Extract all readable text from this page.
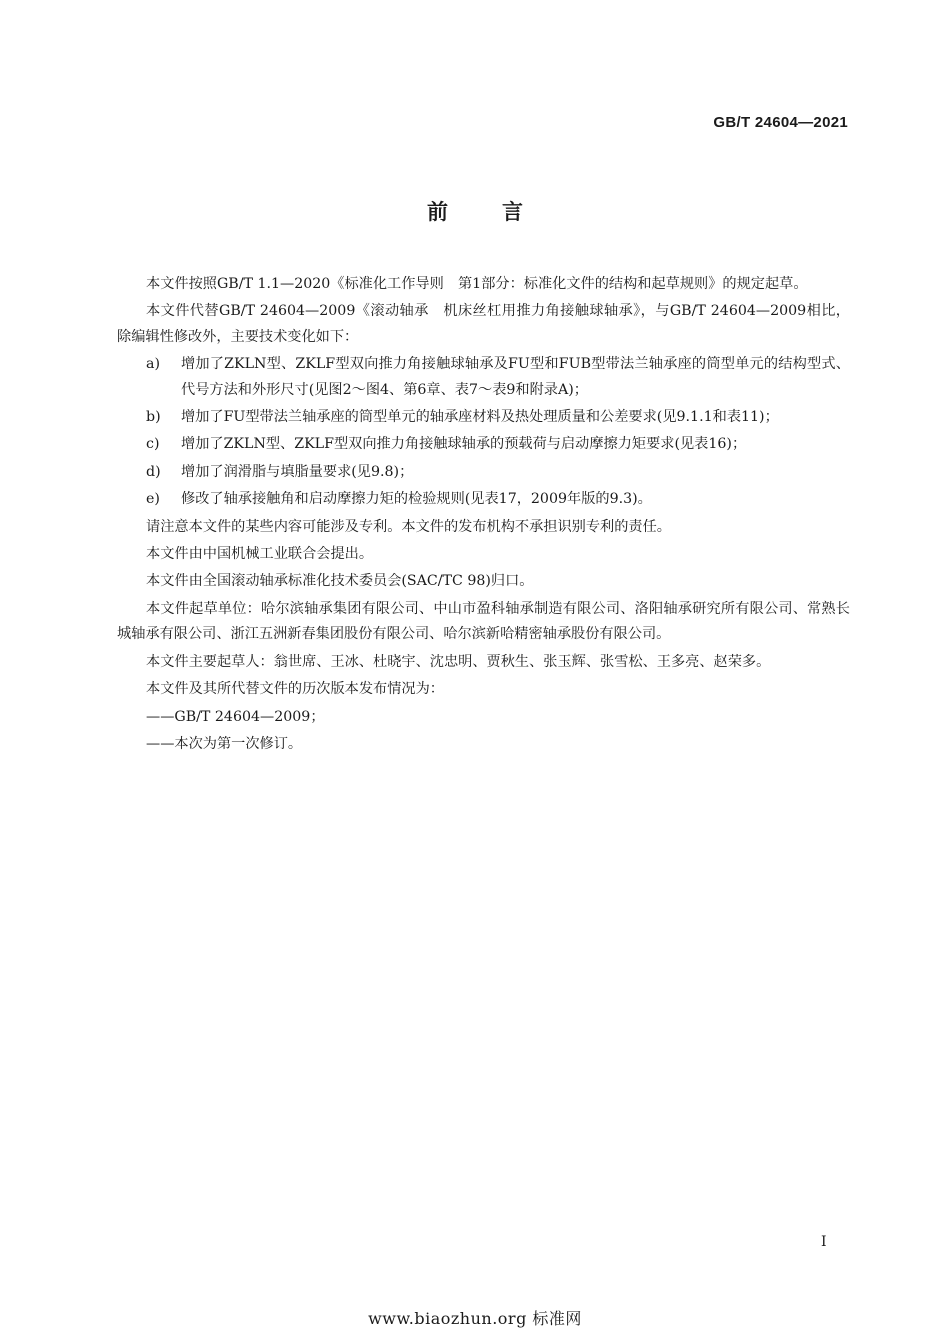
GB/T 24604—2021
前言
本文件按照GB/T 1.1—2020《标准化工作导则　第1部分：标准化文件的结构和起草规则》的规定起草。
本文件代替GB/T 24604—2009《滚动轴承　机床丝杠用推力角接触球轴承》，与GB/T 24604—2009相比，除编辑性修改外，主要技术变化如下：
a)	增加了ZKLN型、ZKLF型双向推力角接触球轴承及FU型和FUB型带法兰轴承座的筒型单元的结构型式、代号方法和外形尺寸(见图2～图4、第6章、表7～表9和附录A)；
b)	增加了FU型带法兰轴承座的筒型单元的轴承座材料及热处理质量和公差要求(见9.1.1和表11)；
c)	增加了ZKLN型、ZKLF型双向推力角接触球轴承的预载荷与启动摩擦力矩要求(见表16)；
d)	增加了润滑脂与填脂量要求(见9.8)；
e)	修改了轴承接触角和启动摩擦力矩的检验规则(见表17，2009年版的9.3)。
请注意本文件的某些内容可能涉及专利。本文件的发布机构不承担识别专利的责任。
本文件由中国机械工业联合会提出。
本文件由全国滚动轴承标准化技术委员会(SAC/TC 98)归口。
本文件起草单位：哈尔滨轴承集团有限公司、中山市盈科轴承制造有限公司、洛阳轴承研究所有限公司、常熟长城轴承有限公司、浙江五洲新春集团股份有限公司、哈尔滨新哈精密轴承股份有限公司。
本文件主要起草人：翁世席、王冰、杜晓宇、沈忠明、贾秋生、张玉辉、张雪松、王多亮、赵荣多。
本文件及其所代替文件的历次版本发布情况为：
——GB/T 24604—2009；
——本次为第一次修订。
I
www.biaozhun.org 标准网
